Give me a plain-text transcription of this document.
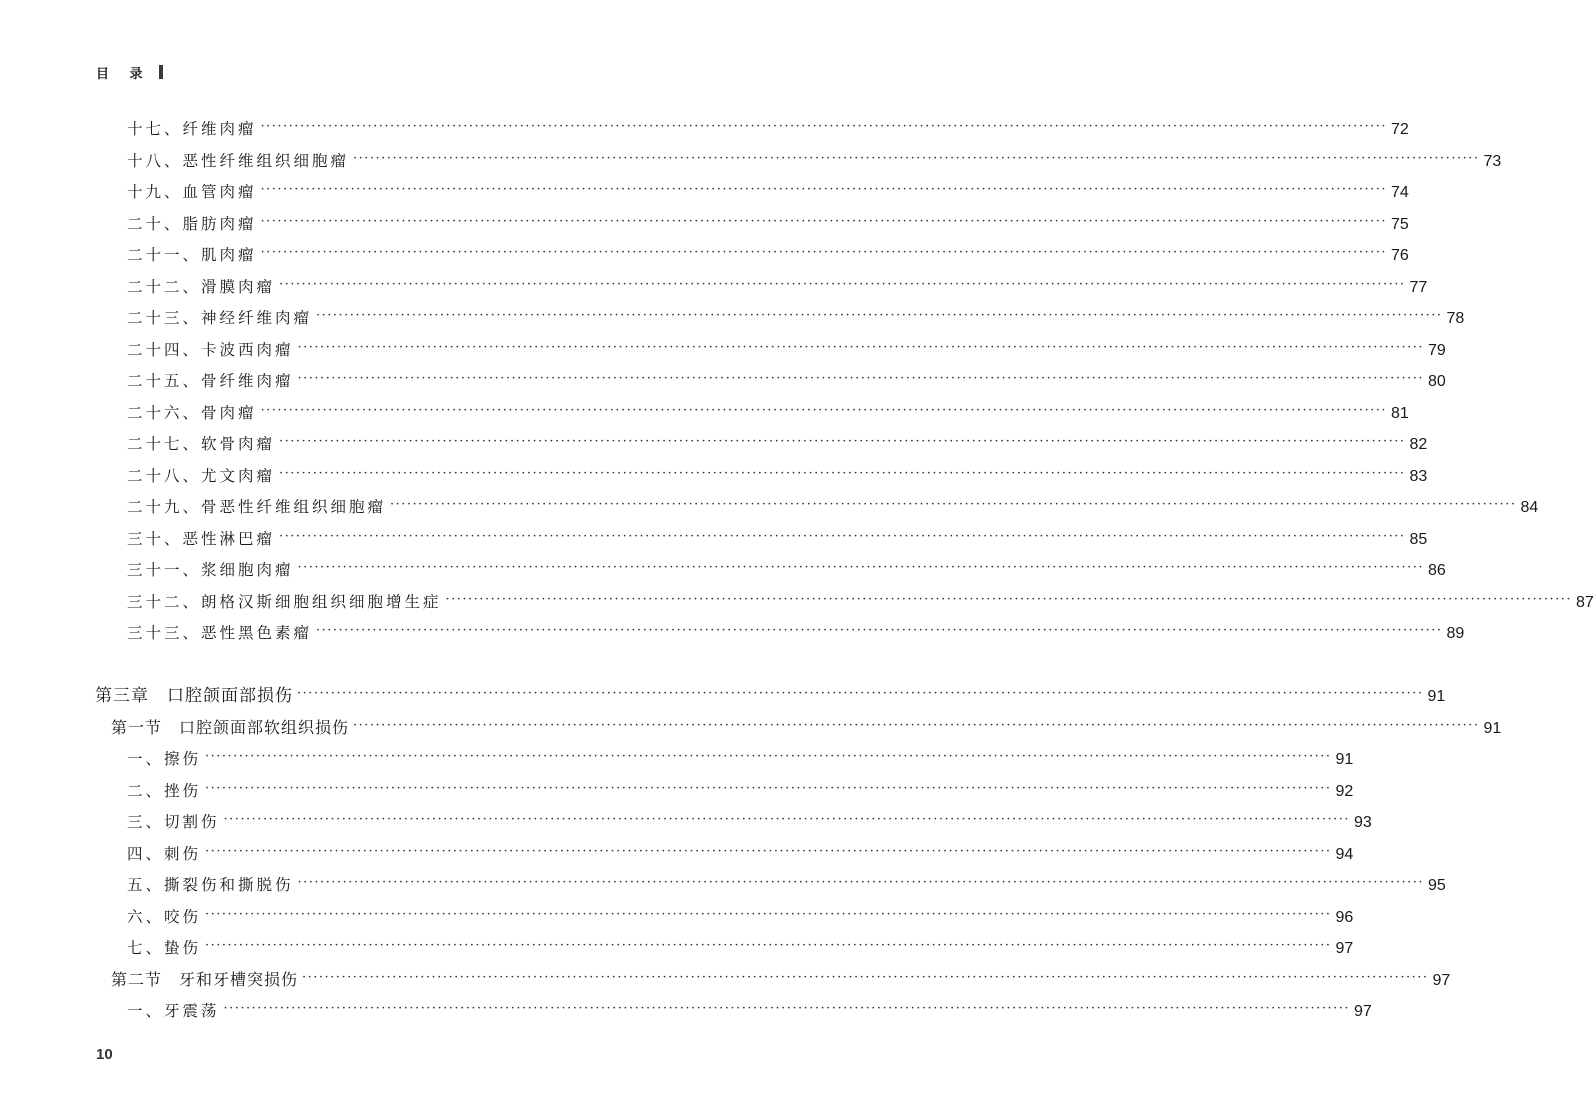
目 录
十七、纤维肉瘤 ········································································································································································································ 72
十八、恶性纤维组织细胞瘤 ········································································································································································································ 73
十九、血管肉瘤 ········································································································································································································ 74
二十、脂肪肉瘤 ········································································································································································································ 75
二十一、肌肉瘤 ········································································································································································································ 76
二十二、滑膜肉瘤 ········································································································································································································ 77
二十三、神经纤维肉瘤 ········································································································································································································ 78
二十四、卡波西肉瘤 ········································································································································································································ 79
二十五、骨纤维肉瘤 ········································································································································································································ 80
二十六、骨肉瘤 ········································································································································································································ 81
二十七、软骨肉瘤 ········································································································································································································ 82
二十八、尤文肉瘤 ········································································································································································································ 83
二十九、骨恶性纤维组织细胞瘤 ········································································································································································································ 84
三十、恶性淋巴瘤 ········································································································································································································ 85
三十一、浆细胞肉瘤 ········································································································································································································ 86
三十二、朗格汉斯细胞组织细胞增生症 ········································································································································································································ 87
三十三、恶性黑色素瘤 ········································································································································································································ 89
第三章　口腔颌面部损伤 ········································································································································································································ 91
第一节　口腔颌面部软组织损伤 ········································································································································································································ 91
一、擦伤 ········································································································································································································ 91
二、挫伤 ········································································································································································································ 92
三、切割伤 ········································································································································································································ 93
四、刺伤 ········································································································································································································ 94
五、撕裂伤和撕脱伤 ········································································································································································································ 95
六、咬伤 ········································································································································································································ 96
七、蛰伤 ········································································································································································································ 97
第二节　牙和牙槽突损伤 ········································································································································································································ 97
一、牙震荡 ········································································································································································································ 97
10
